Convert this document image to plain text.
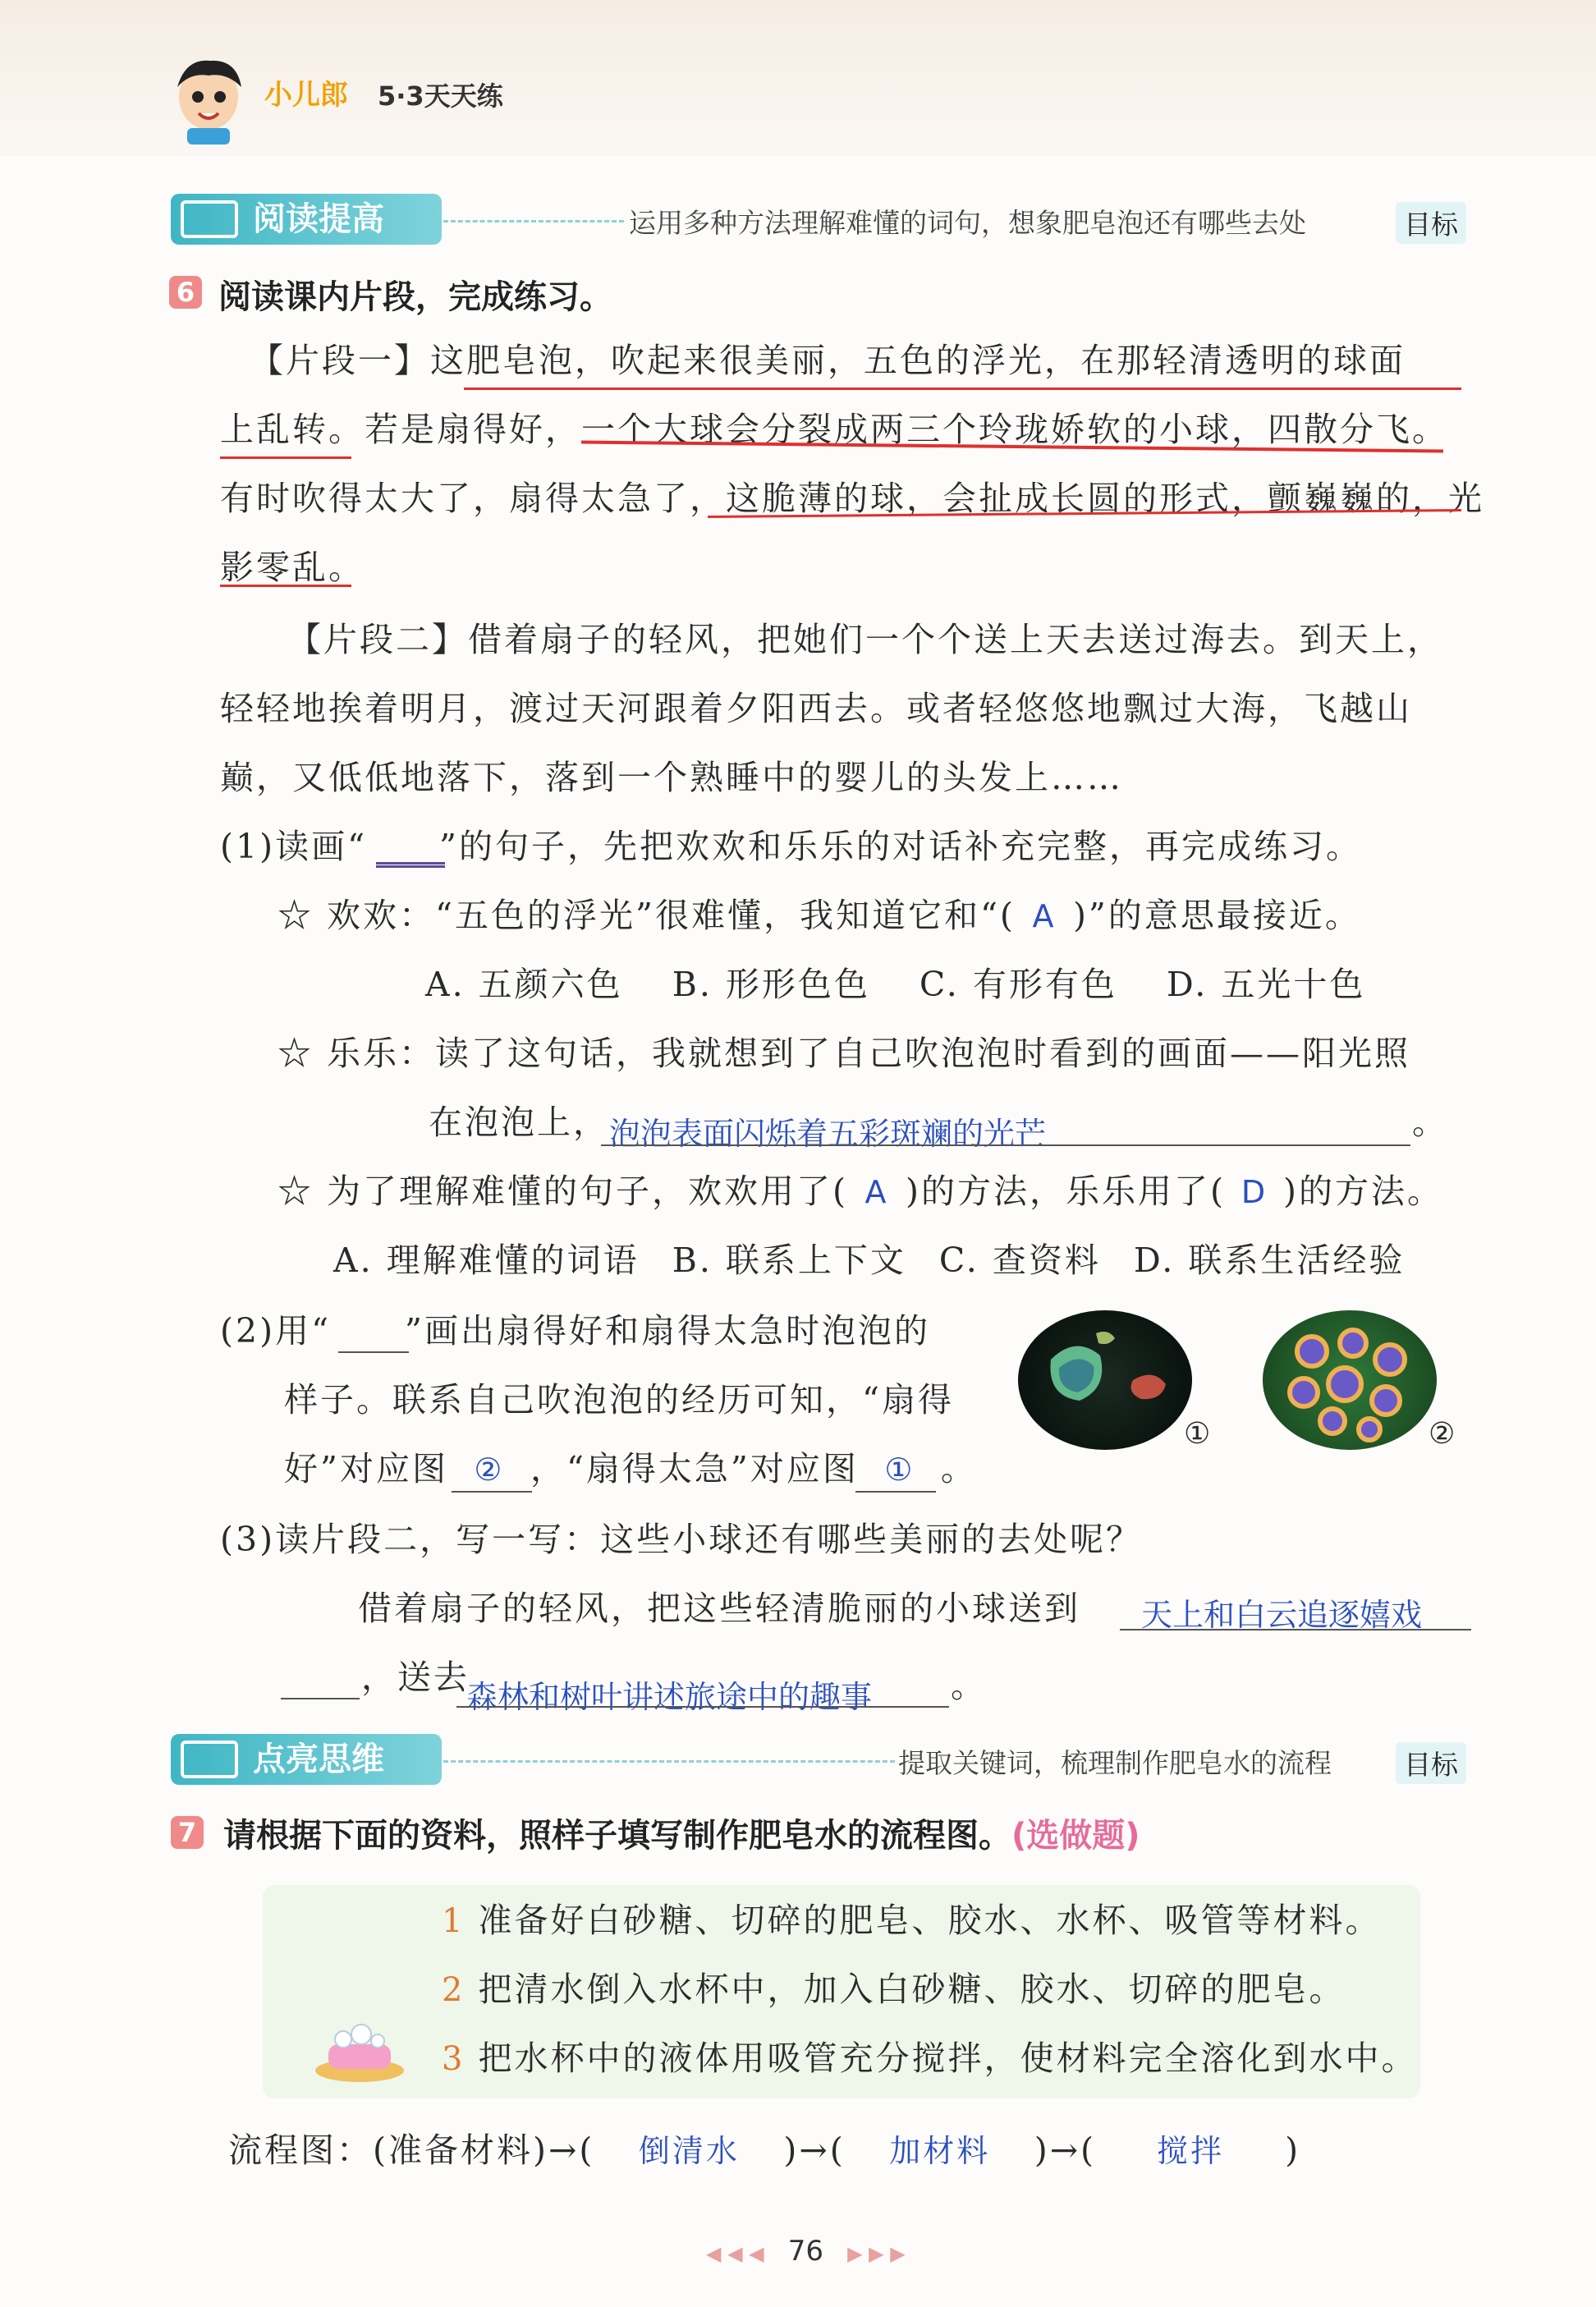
小儿郎 5·3天天练
阅读提高	运用多种方法理解难懂的词句，想象肥皂泡还有哪些去处	目标
6 阅读课内片段，完成练习。
【片段一】这肥皂泡，吹起来很美丽，五色的浮光，在那轻清透明的球面
上乱转。若是扇得好，一个大球会分裂成两三个玲珑娇软的小球，四散分飞。
有时吹得太大了，扇得太急了，这脆薄的球，会扯成长圆的形式，颤巍巍的，光
影零乱。
【片段二】借着扇子的轻风，把她们一个个送上天去送过海去。到天上，
轻轻地挨着明月，渡过天河跟着夕阳西去。或者轻悠悠地飘过大海，飞越山
巅，又低低地落下，落到一个熟睡中的婴儿的头发上……
(1)读画“ ”的句子，先把欢欢和乐乐的对话补充完整，再完成练习。
☆ 欢欢：“五色的浮光”很难懂，我知道它和“( A )”的意思最接近。
A. 五颜六色 B. 形形色色 C. 有形有色 D. 五光十色
☆ 乐乐：读了这句话，我就想到了自己吹泡泡时看到的画面——阳光照
在泡泡上， 泡泡表面闪烁着五彩斑斓的光芒	。
☆ 为了理解难懂的句子，欢欢用了( A )的方法，乐乐用了( D )的方法。
A. 理解难懂的词语 B. 联系上下文 C. 查资料 D. 联系生活经验
(2)用“ ”画出扇得好和扇得太急时泡泡的
样子。联系自己吹泡泡的经历可知，“扇得
好”对应图 ② ，“扇得太急”对应图 ① 。
①	②
(3)读片段二，写一写：这些小球还有哪些美丽的去处呢？
借着扇子的轻风，把这些轻清脆丽的小球送到 天上和白云追逐嬉戏
，送去
森林和树叶讲述旅途中的趣事 。
点亮思维	提取关键词，梳理制作肥皂水的流程	目标
7 请根据下面的资料，照样子填写制作肥皂水的流程图。(选做题)
1 准备好白砂糖、切碎的肥皂、胶水、水杯、吸管等材料。
2 把清水倒入水杯中，加入白砂糖、胶水、切碎的肥皂。
3 把水杯中的液体用吸管充分搅拌，使材料完全溶化到水中。
流程图：(准备材料)→( 倒清水 )→( 加材料 )→( 搅拌 )
◀ ◀ ◀ 76 ▶ ▶ ▶
